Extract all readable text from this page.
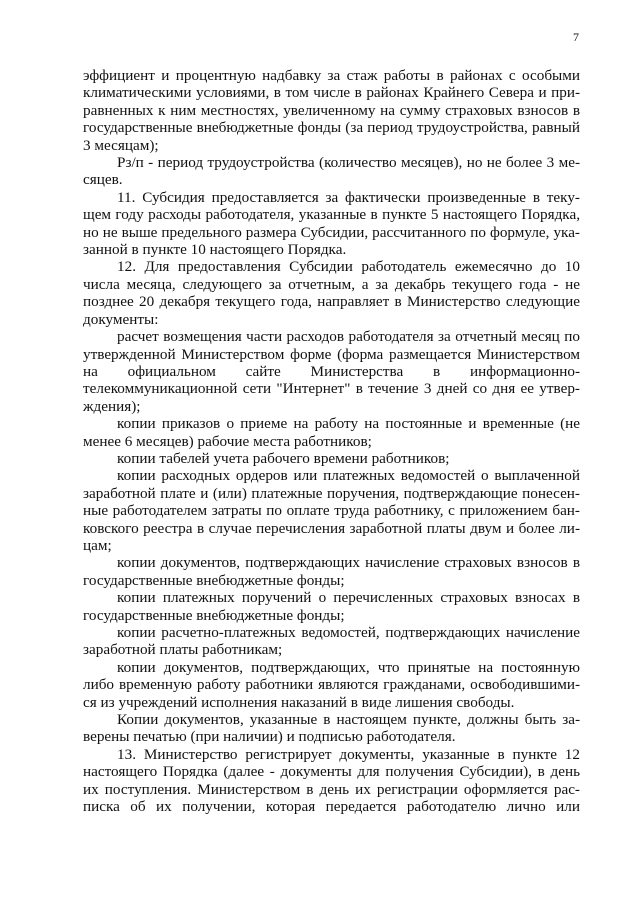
7
эффициент и процентную надбавку за стаж работы в районах с особыми
климатическими условиями, в том числе в районах Крайнего Севера и при-
равненных к ним местностях, увеличенному на сумму страховых взносов в
государственные внебюджетные фонды (за период трудоустройства, равный
3 месяцам);
Pз/п - период трудоустройства (количество месяцев), но не более 3 ме-
сяцев.
11. Субсидия предоставляется за фактически произведенные в теку-
щем году расходы работодателя, указанные в пункте 5 настоящего Порядка,
но не выше предельного размера Субсидии, рассчитанного по формуле, ука-
занной в пункте 10 настоящего Порядка.
12. Для предоставления Субсидии работодатель ежемесячно до 10
числа месяца, следующего за отчетным, а за декабрь текущего года - не
позднее 20 декабря текущего года, направляет в Министерство следующие
документы:
расчет возмещения части расходов работодателя за отчетный месяц по
утвержденной Министерством форме (форма размещается Министерством
на официальном сайте Министерства в информационно-
телекоммуникационной сети "Интернет" в течение 3 дней со дня ее утвер-
ждения);
копии приказов о приеме на работу на постоянные и временные (не
менее 6 месяцев) рабочие места работников;
копии табелей учета рабочего времени работников;
копии расходных ордеров или платежных ведомостей о выплаченной
заработной плате и (или) платежные поручения, подтверждающие понесен-
ные работодателем затраты по оплате труда работнику, с приложением бан-
ковского реестра в случае перечисления заработной платы двум и более ли-
цам;
копии документов, подтверждающих начисление страховых взносов в
государственные внебюджетные фонды;
копии платежных поручений о перечисленных страховых взносах в
государственные внебюджетные фонды;
копии расчетно-платежных ведомостей, подтверждающих начисление
заработной платы работникам;
копии документов, подтверждающих, что принятые на постоянную
либо временную работу работники являются гражданами, освободившими-
ся из учреждений исполнения наказаний в виде лишения свободы.
Копии документов, указанные в настоящем пункте, должны быть за-
верены печатью (при наличии) и подписью работодателя.
13. Министерство регистрирует документы, указанные в пункте 12
настоящего Порядка (далее - документы для получения Субсидии), в день
их поступления. Министерством в день их регистрации оформляется рас-
писка об их получении, которая передается работодателю лично или
